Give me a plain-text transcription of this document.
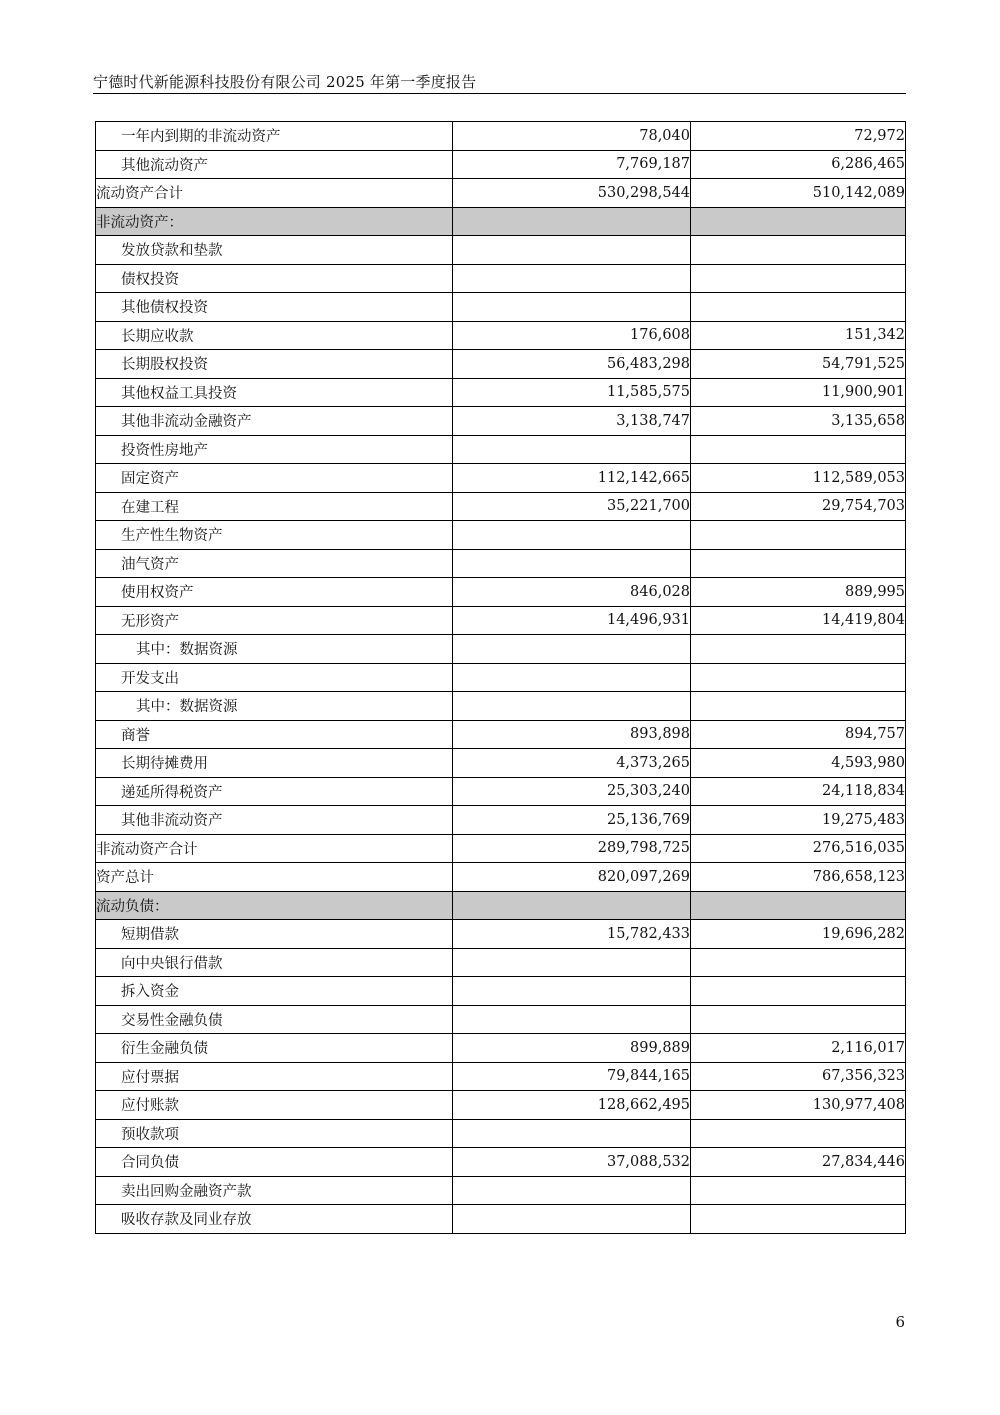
宁德时代新能源科技股份有限公司 2025 年第一季度报告
一年内到期的非流动资产	78,040	72,972
其他流动资产	7,769,187	6,286,465
流动资产合计	530,298,544	510,142,089
非流动资产：		
发放贷款和垫款		
债权投资		
其他债权投资		
长期应收款	176,608	151,342
长期股权投资	56,483,298	54,791,525
其他权益工具投资	11,585,575	11,900,901
其他非流动金融资产	3,138,747	3,135,658
投资性房地产		
固定资产	112,142,665	112,589,053
在建工程	35,221,700	29,754,703
生产性生物资产		
油气资产		
使用权资产	846,028	889,995
无形资产	14,496,931	14,419,804
其中：数据资源		
开发支出		
其中：数据资源		
商誉	893,898	894,757
长期待摊费用	4,373,265	4,593,980
递延所得税资产	25,303,240	24,118,834
其他非流动资产	25,136,769	19,275,483
非流动资产合计	289,798,725	276,516,035
资产总计	820,097,269	786,658,123
流动负债：		
短期借款	15,782,433	19,696,282
向中央银行借款		
拆入资金		
交易性金融负债		
衍生金融负债	899,889	2,116,017
应付票据	79,844,165	67,356,323
应付账款	128,662,495	130,977,408
预收款项		
合同负债	37,088,532	27,834,446
卖出回购金融资产款		
吸收存款及同业存放		
6
